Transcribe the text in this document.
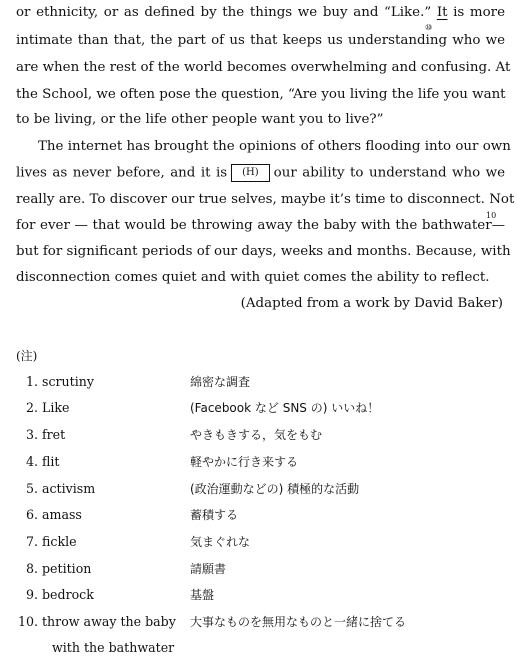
or ethnicity, or as defined by the things we buy and “Like.” It is more
⑩
intimate than that, the part of us that keeps us understanding who we
are when the rest of the world becomes overwhelming and confusing. At
the School, we often pose the question, “Are you living the life you want
to be living, or the life other people want you to live?”
The internet has brought the opinions of others flooding into our own
lives as never before, and it is (H) our ability to understand who we
really are. To discover our true selves, maybe it’s time to disconnect. Not
10
for ever — that would be throwing away the baby with the bathwater—
but for significant periods of our days, weeks and months. Because, with
disconnection comes quiet and with quiet comes the ability to reflect.
(Adapted from a work by David Baker)
(注)
1. scrutiny	綿密な調査
2. Like	(Facebook など SNS の) いいね！
3. fret	やきもきする，気をもむ
4. flit	軽やかに行き来する
5. activism	(政治運動などの) 積極的な活動
6. amass	蓄積する
7. fickle	気まぐれな
8. petition	請願書
9. bedrock	基盤
10. throw away the baby 大事なものを無用なものと一緒に捨てる
with the bathwater
